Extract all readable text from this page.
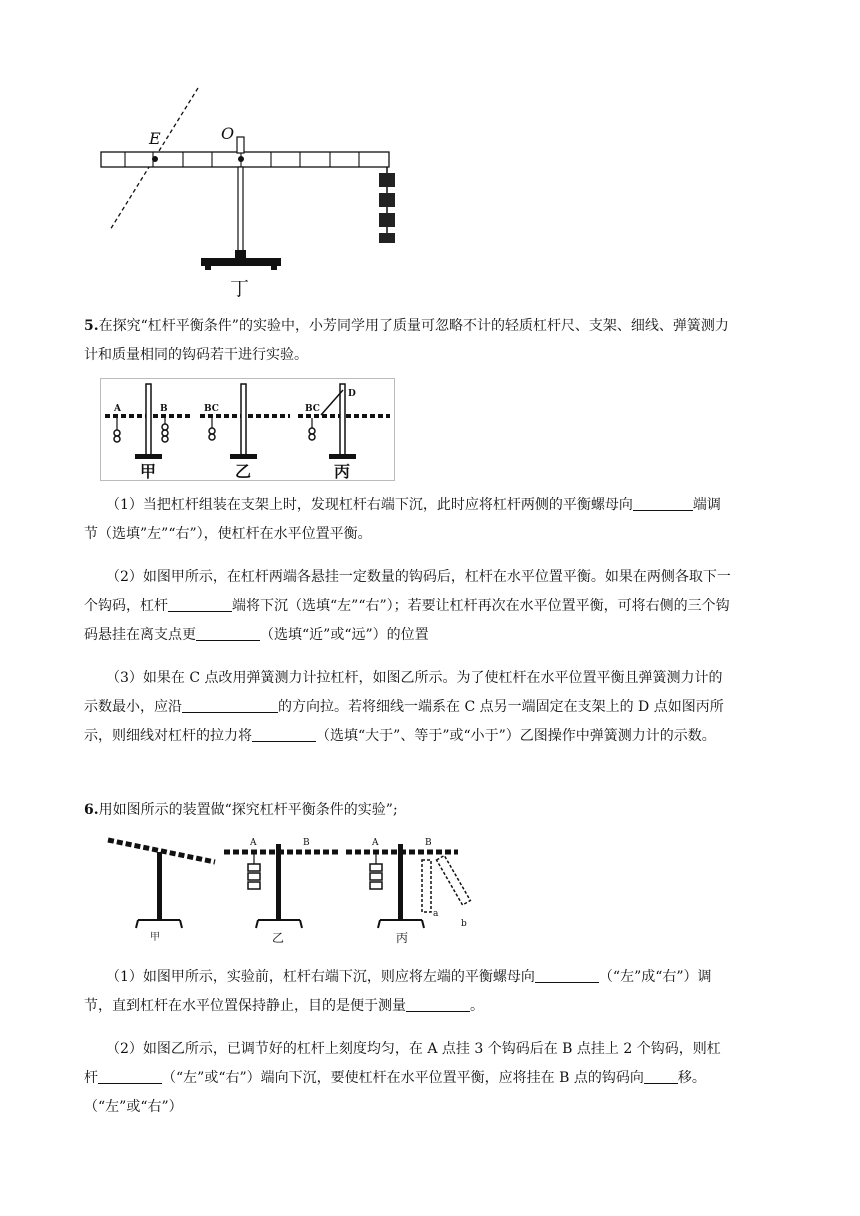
E	O
丁

5.在探究“杠杆平衡条件”的实验中，小芳同学用了质量可忽略不计的轻质杠杆尺、支架、细线、弹簧测力计和质量相同的钩码若干进行实验。

A	B
甲
BC
乙
BC
D
丙

（1）当把杠杆组装在支架上时，发现杠杆右端下沉，此时应将杠杆两侧的平衡螺母向	端调节（选填”左”“右”），使杠杆在水平位置平衡。

（2）如图甲所示，在杠杆两端各悬挂一定数量的钩码后，杠杆在水平位置平衡。如果在两侧各取下一个钩码，杠杆	端将下沉（选填“左”“右”）；若要让杠杆再次在水平位置平衡，可将右侧的三个钩码悬挂在离支点更	（选填“近”或“远”）的位置

（3）如果在 C 点改用弹簧测力计拉杠杆，如图乙所示。为了使杠杆在水平位置平衡且弹簧测力计的示数最小，应沿	的方向拉。若将细线一端系在 C 点另一端固定在支架上的 D 点如图丙所示，则细线对杠杆的拉力将	（选填“大于”、等于”或“小于”）乙图操作中弹簧测力计的示数。

6.用如图所示的装置做“探究杠杆平衡条件的实验”;

甲
A	B
乙
A	B
a
b
丙

（1）如图甲所示，实验前，杠杆右端下沉，则应将左端的平衡螺母向	（“左”成“右”）调节，直到杠杆在水平位置保持静止，目的是便于测量	。

（2）如图乙所示，已调节好的杠杆上刻度均匀，在 A 点挂 3 个钩码后在 B 点挂上 2 个钩码，则杠杆	（“左”或“右”）端向下沉，要使杠杆在水平位置平衡，应将挂在 B 点的钩码向 移。（“左”或“右”）
